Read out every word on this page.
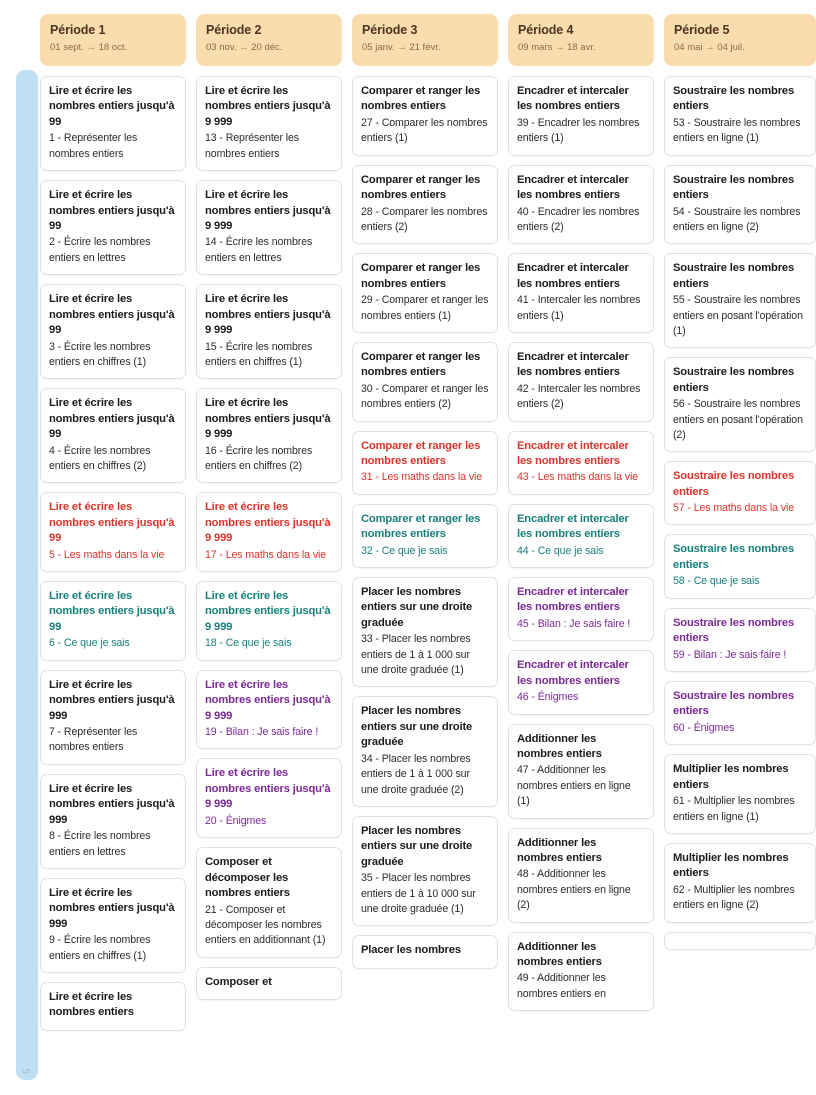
5
Période 1
01 sept. → 18 oct.
Lire et écrire les nombres entiers jusqu'à 99
1 - Représenter les nombres entiers
Lire et écrire les nombres entiers jusqu'à 99
2 - Écrire les nombres entiers en lettres
Lire et écrire les nombres entiers jusqu'à 99
3 - Écrire les nombres entiers en chiffres (1)
Lire et écrire les nombres entiers jusqu'à 99
4 - Écrire les nombres entiers en chiffres (2)
Lire et écrire les nombres entiers jusqu'à 99
5 - Les maths dans la vie
Lire et écrire les nombres entiers jusqu'à 99
6 - Ce que je sais
Lire et écrire les nombres entiers jusqu'à 999
7 - Représenter les nombres entiers
Lire et écrire les nombres entiers jusqu'à 999
8 - Écrire les nombres entiers en lettres
Lire et écrire les nombres entiers jusqu'à 999
9 - Écrire les nombres entiers en chiffres (1)
Lire et écrire les nombres entiers
Période 2
03 nov. → 20 déc.
Lire et écrire les nombres entiers jusqu'à 9 999
13 - Représenter les nombres entiers
Lire et écrire les nombres entiers jusqu'à 9 999
14 - Écrire les nombres entiers en lettres
Lire et écrire les nombres entiers jusqu'à 9 999
15 - Écrire les nombres entiers en chiffres (1)
Lire et écrire les nombres entiers jusqu'à 9 999
16 - Écrire les nombres entiers en chiffres (2)
Lire et écrire les nombres entiers jusqu'à 9 999
17 - Les maths dans la vie
Lire et écrire les nombres entiers jusqu'à 9 999
18 - Ce que je sais
Lire et écrire les nombres entiers jusqu'à 9 999
19 - Bilan : Je sais faire !
Lire et écrire les nombres entiers jusqu'à 9 999
20 - Énigmes
Composer et décomposer les nombres entiers
21 - Composer et décomposer les nombres entiers en additionnant (1)
Composer et
Période 3
05 janv. → 21 févr.
Comparer et ranger les nombres entiers
27 - Comparer les nombres entiers (1)
Comparer et ranger les nombres entiers
28 - Comparer les nombres entiers (2)
Comparer et ranger les nombres entiers
29 - Comparer et ranger les nombres entiers (1)
Comparer et ranger les nombres entiers
30 - Comparer et ranger les nombres entiers (2)
Comparer et ranger les nombres entiers
31 - Les maths dans la vie
Comparer et ranger les nombres entiers
32 - Ce que je sais
Placer les nombres entiers sur une droite graduée
33 - Placer les nombres entiers de 1 à 1 000 sur une droite graduée (1)
Placer les nombres entiers sur une droite graduée
34 - Placer les nombres entiers de 1 à 1 000 sur une droite graduée (2)
Placer les nombres entiers sur une droite graduée
35 - Placer les nombres entiers de 1 à 10 000 sur une droite graduée (1)
Placer les nombres
Période 4
09 mars → 18 avr.
Encadrer et intercaler les nombres entiers
39 - Encadrer les nombres entiers (1)
Encadrer et intercaler les nombres entiers
40 - Encadrer les nombres entiers (2)
Encadrer et intercaler les nombres entiers
41 - Intercaler les nombres entiers (1)
Encadrer et intercaler les nombres entiers
42 - Intercaler les nombres entiers (2)
Encadrer et intercaler les nombres entiers
43 - Les maths dans la vie
Encadrer et intercaler les nombres entiers
44 - Ce que je sais
Encadrer et intercaler les nombres entiers
45 - Bilan : Je sais faire !
Encadrer et intercaler les nombres entiers
46 - Énigmes
Additionner les nombres entiers
47 - Additionner les nombres entiers en ligne (1)
Additionner les nombres entiers
48 - Additionner les nombres entiers en ligne (2)
Additionner les nombres entiers
49 - Additionner les nombres entiers en
Période 5
04 mai → 04 juil.
Soustraire les nombres entiers
53 - Soustraire les nombres entiers en ligne (1)
Soustraire les nombres entiers
54 - Soustraire les nombres entiers en ligne (2)
Soustraire les nombres entiers
55 - Soustraire les nombres entiers en posant l'opération (1)
Soustraire les nombres entiers
56 - Soustraire les nombres entiers en posant l'opération (2)
Soustraire les nombres entiers
57 - Les maths dans la vie
Soustraire les nombres entiers
58 - Ce que je sais
Soustraire les nombres entiers
59 - Bilan : Je sais faire !
Soustraire les nombres entiers
60 - Énigmes
Multiplier les nombres entiers
61 - Multiplier les nombres entiers en ligne (1)
Multiplier les nombres entiers
62 - Multiplier les nombres entiers en ligne (2)
